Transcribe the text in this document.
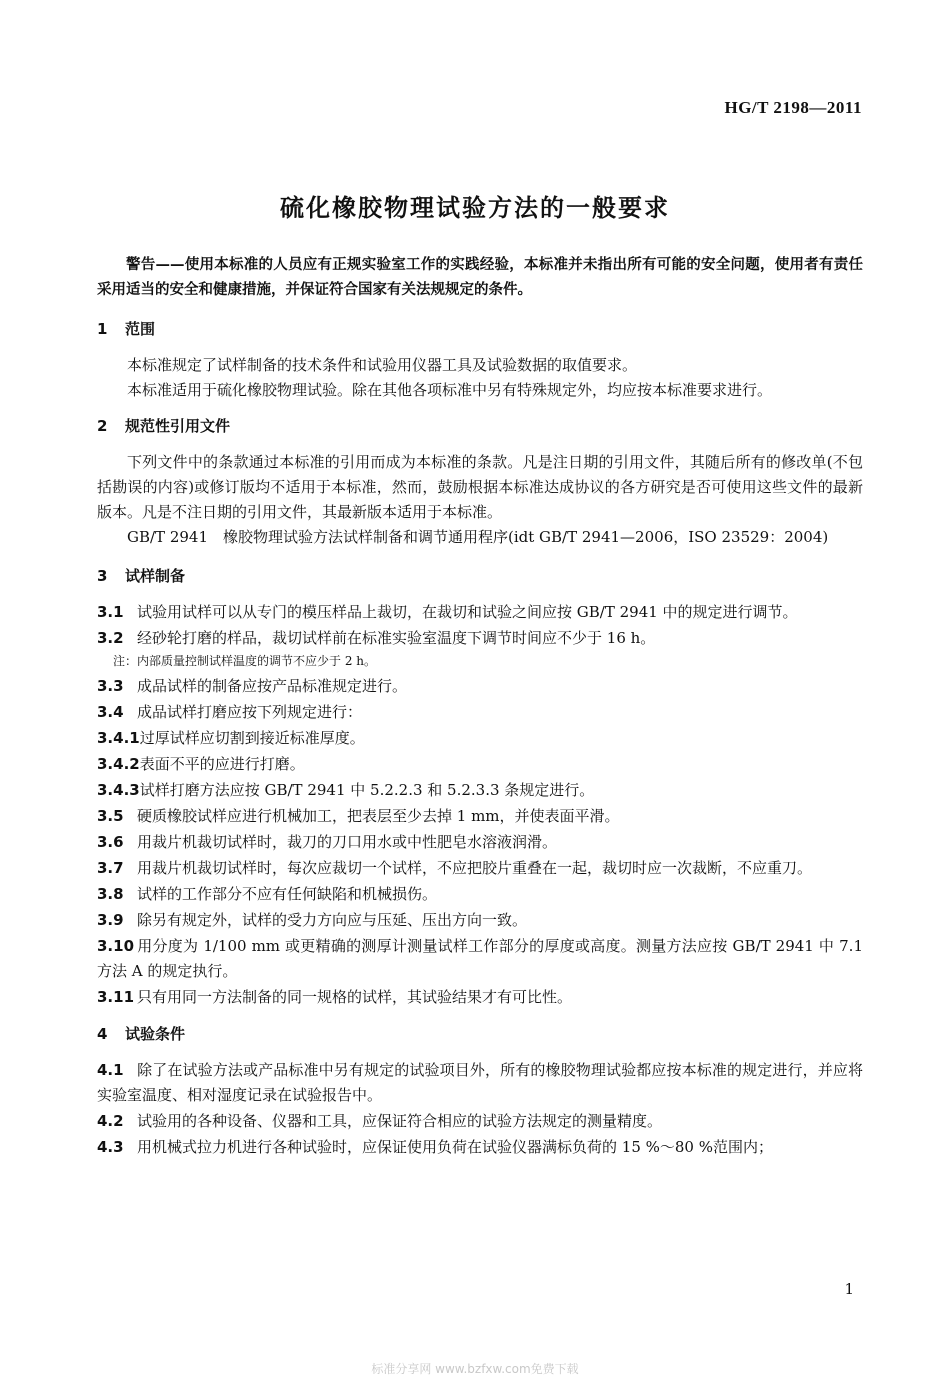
HG/T 2198—2011
硫化橡胶物理试验方法的一般要求
警告——使用本标准的人员应有正规实验室工作的实践经验，本标准并未指出所有可能的安全问题，使用者有责任采用适当的安全和健康措施，并保证符合国家有关法规规定的条件。
1 范围

本标准规定了试样制备的技术条件和试验用仪器工具及试验数据的取值要求。

本标准适用于硫化橡胶物理试验。除在其他各项标准中另有特殊规定外，均应按本标准要求进行。

2 规范性引用文件

下列文件中的条款通过本标准的引用而成为本标准的条款。凡是注日期的引用文件，其随后所有的修改单(不包括勘误的内容)或修订版均不适用于本标准，然而，鼓励根据本标准达成协议的各方研究是否可使用这些文件的最新版本。凡是不注日期的引用文件，其最新版本适用于本标准。

GB/T 2941　橡胶物理试验方法试样制备和调节通用程序(idt GB/T 2941—2006，ISO 23529：2004)

3 试样制备

3.1 试验用试样可以从专门的模压样品上裁切，在裁切和试验之间应按 GB/T 2941 中的规定进行调节。

3.2 经砂轮打磨的样品，裁切试样前在标准实验室温度下调节时间应不少于 16 h。

注：内部质量控制试样温度的调节不应少于 2 h。

3.3 成品试样的制备应按产品标准规定进行。

3.4 成品试样打磨应按下列规定进行：

3.4.1过厚试样应切割到接近标准厚度。

3.4.2表面不平的应进行打磨。

3.4.3试样打磨方法应按 GB/T 2941 中 5.2.2.3 和 5.2.3.3 条规定进行。

3.5 硬质橡胶试样应进行机械加工，把表层至少去掉 1 mm，并使表面平滑。

3.6 用裁片机裁切试样时，裁刀的刀口用水或中性肥皂水溶液润滑。

3.7 用裁片机裁切试样时，每次应裁切一个试样，不应把胶片重叠在一起，裁切时应一次裁断，不应重刀。

3.8 试样的工作部分不应有任何缺陷和机械损伤。

3.9 除另有规定外，试样的受力方向应与压延、压出方向一致。

3.10 用分度为 1/100 mm 或更精确的测厚计测量试样工作部分的厚度或高度。测量方法应按 GB/T 2941 中 7.1 方法 A 的规定执行。

3.11 只有用同一方法制备的同一规格的试样，其试验结果才有可比性。

4 试验条件

4.1 除了在试验方法或产品标准中另有规定的试验项目外，所有的橡胶物理试验都应按本标准的规定进行，并应将实验室温度、相对湿度记录在试验报告中。

4.2 试验用的各种设备、仪器和工具，应保证符合相应的试验方法规定的测量精度。

4.3 用机械式拉力机进行各种试验时，应保证使用负荷在试验仪器满标负荷的 15 %～80 %范围内；

1
标准分享网 www.bzfxw.com免费下载
